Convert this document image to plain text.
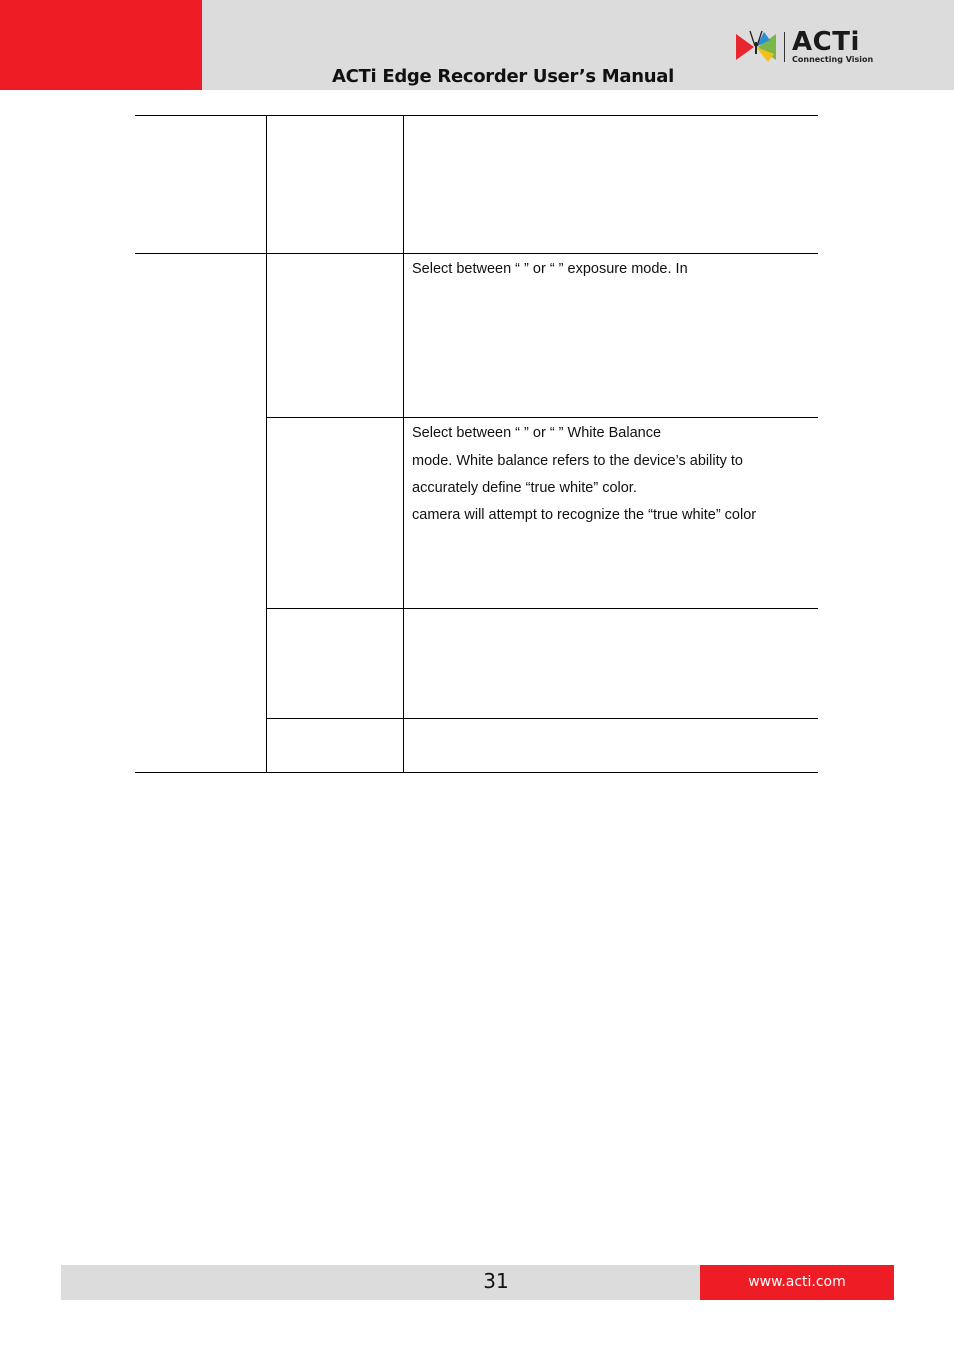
ACTi Edge Recorder User’s Manual
ACTi
Connecting Vision
Select between “ ” or “ ” exposure mode. In
Select between “ ” or “ ” White Balance
mode. White balance refers to the device’s ability to
accurately define “true white” color.
camera will attempt to recognize the “true white” color
31	www.acti.com
